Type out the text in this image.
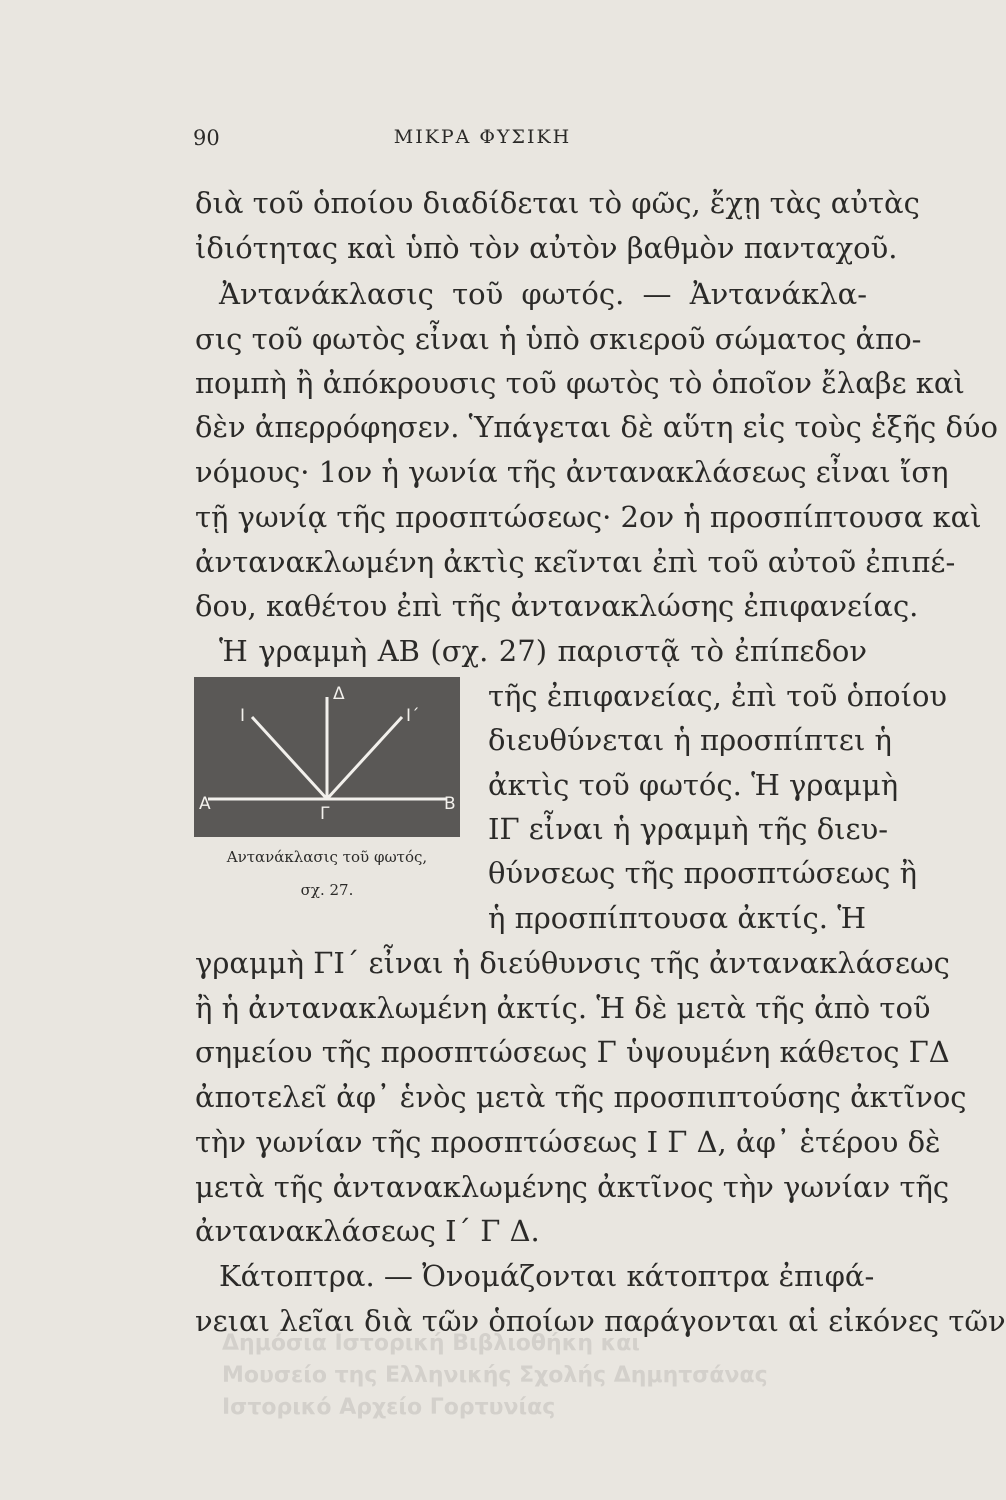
90	ΜΙΚΡΑ ΦΥΣΙΚΗ
διὰ τοῦ ὁποίου διαδίδεται τὸ φῶς, ἔχῃ τὰς αὐτὰς
ἰδιότητας καὶ ὑπὸ τὸν αὐτὸν βαθμὸν πανταχοῦ.
Ἀντανάκλασις τοῦ φωτός. — Ἀντανάκλα-
σις τοῦ φωτὸς εἶναι ἡ ὑπὸ σκιεροῦ σώματος ἀπο-
πομπὴ ἢ ἀπόκρουσις τοῦ φωτὸς τὸ ὁποῖον ἔλαβε καὶ
δὲν ἀπερρόφησεν. Ὑπάγεται δὲ αὕτη εἰς τοὺς ἑξῆς δύο
νόμους· 1ον ἡ γωνία τῆς ἀντανακλάσεως εἶναι ἴση
τῇ γωνίᾳ τῆς προσπτώσεως· 2ον ἡ προσπίπτουσα καὶ
ἀντανακλωμένη ἀκτὶς κεῖνται ἐπὶ τοῦ αὐτοῦ ἐπιπέ-
δου, καθέτου ἐπὶ τῆς ἀντανακλώσης ἐπιφανείας.
Ἡ γραμμὴ ΑΒ (σχ. 27) παριστᾷ τὸ ἐπίπεδον
Α	Β
Γ
Δ
Ι	Ι΄
Αντανάκλασις τοῦ φωτός,
σχ. 27.
τῆς ἐπιφανείας, ἐπὶ τοῦ ὁποίου
διευθύνεται ἡ προσπίπτει ἡ
ἀκτὶς τοῦ φωτός. Ἡ γραμμὴ
ΙΓ εἶναι ἡ γραμμὴ τῆς διευ-
θύνσεως τῆς προσπτώσεως ἢ
ἡ προσπίπτουσα ἀκτίς. Ἡ
γραμμὴ ΓΙ΄ εἶναι ἡ διεύθυνσις τῆς ἀντανακλάσεως
ἢ ἡ ἀντανακλωμένη ἀκτίς. Ἡ δὲ μετὰ τῆς ἀπὸ τοῦ
σημείου τῆς προσπτώσεως Γ ὑψουμένη κάθετος ΓΔ
ἀποτελεῖ ἀφ᾽ ἑνὸς μετὰ τῆς προσπιπτούσης ἀκτῖνος
τὴν γωνίαν τῆς προσπτώσεως Ι Γ Δ, ἀφ᾽ ἑτέρου δὲ
μετὰ τῆς ἀντανακλωμένης ἀκτῖνος τὴν γωνίαν τῆς
ἀντανακλάσεως Ι΄ Γ Δ.
Κάτοπτρα. — Ὀνομάζονται κάτοπτρα ἐπιφά-
νειαι λεῖαι διὰ τῶν ὁποίων παράγονται αἱ εἰκόνες τῶν
Δημόσια Ιστορική Βιβλιοθήκη και
Μουσείο της Ελληνικής Σχολής Δημητσάνας
Ιστορικό Αρχείο Γορτυνίας
